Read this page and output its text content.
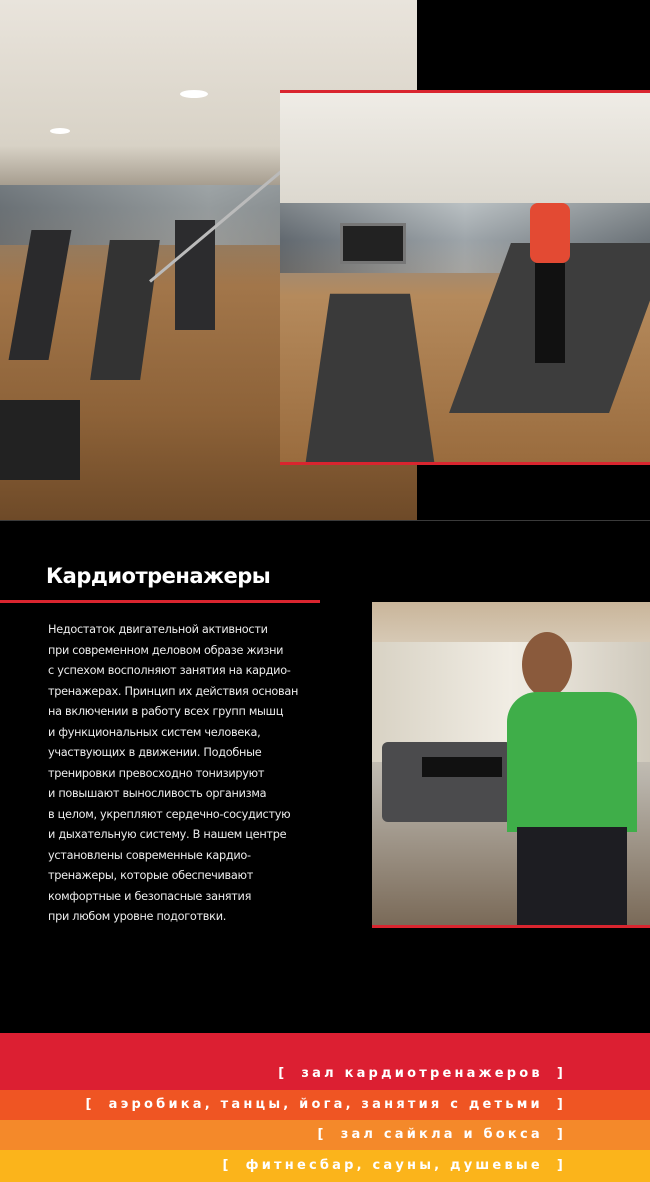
Кардиотренажеры
Недостаток двигательной активности
при современном деловом образе жизни
с успехом восполняют занятия на кардио-
тренажерах. Принцип их действия основан
на включении в работу всех групп мышц
и функциональных систем человека,
участвующих в движении. Подобные
тренировки превосходно тонизируют
и повышают выносливость организма
в целом, укрепляют сердечно-сосудистую
и дыхательную систему. В нашем центре
установлены современные кардио-
тренажеры, которые обеспечивают
комфортные и безопасные занятия
при любом уровне подоготвки.
[ зал кардиотренажеров ]
[ аэробика, танцы, йога, занятия с детьми ]
[ зал сайкла и бокса ]
[ фитнесбар, сауны, душевые ]
